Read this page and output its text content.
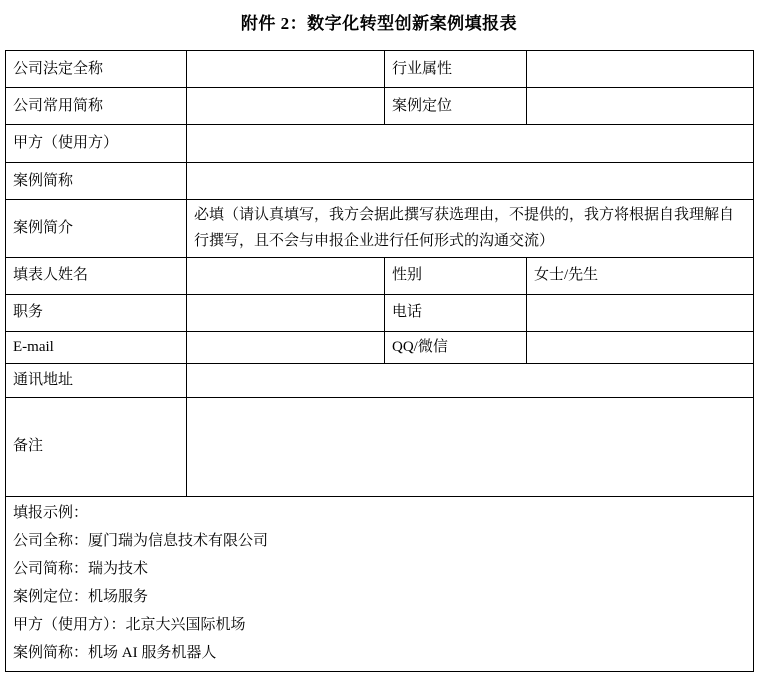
附件 2：数字化转型创新案例填报表
公司法定全称		行业属性	
公司常用简称		案例定位	
甲方（使用方）			
案例简称			
案例简介	必填（请认真填写，我方会据此撰写获选理由，不提供的，我方将根据自我理解自行撰写，且不会与申报企业进行任何形式的沟通交流）		
填表人姓名		性别	女士/先生
职务		电话	
E-mail		QQ/微信	
通讯地址			
备注			

填报示例：
公司全称：厦门瑞为信息技术有限公司
公司简称：瑞为技术
案例定位：机场服务
甲方（使用方）：北京大兴国际机场
案例简称：机场 AI 服务机器人
